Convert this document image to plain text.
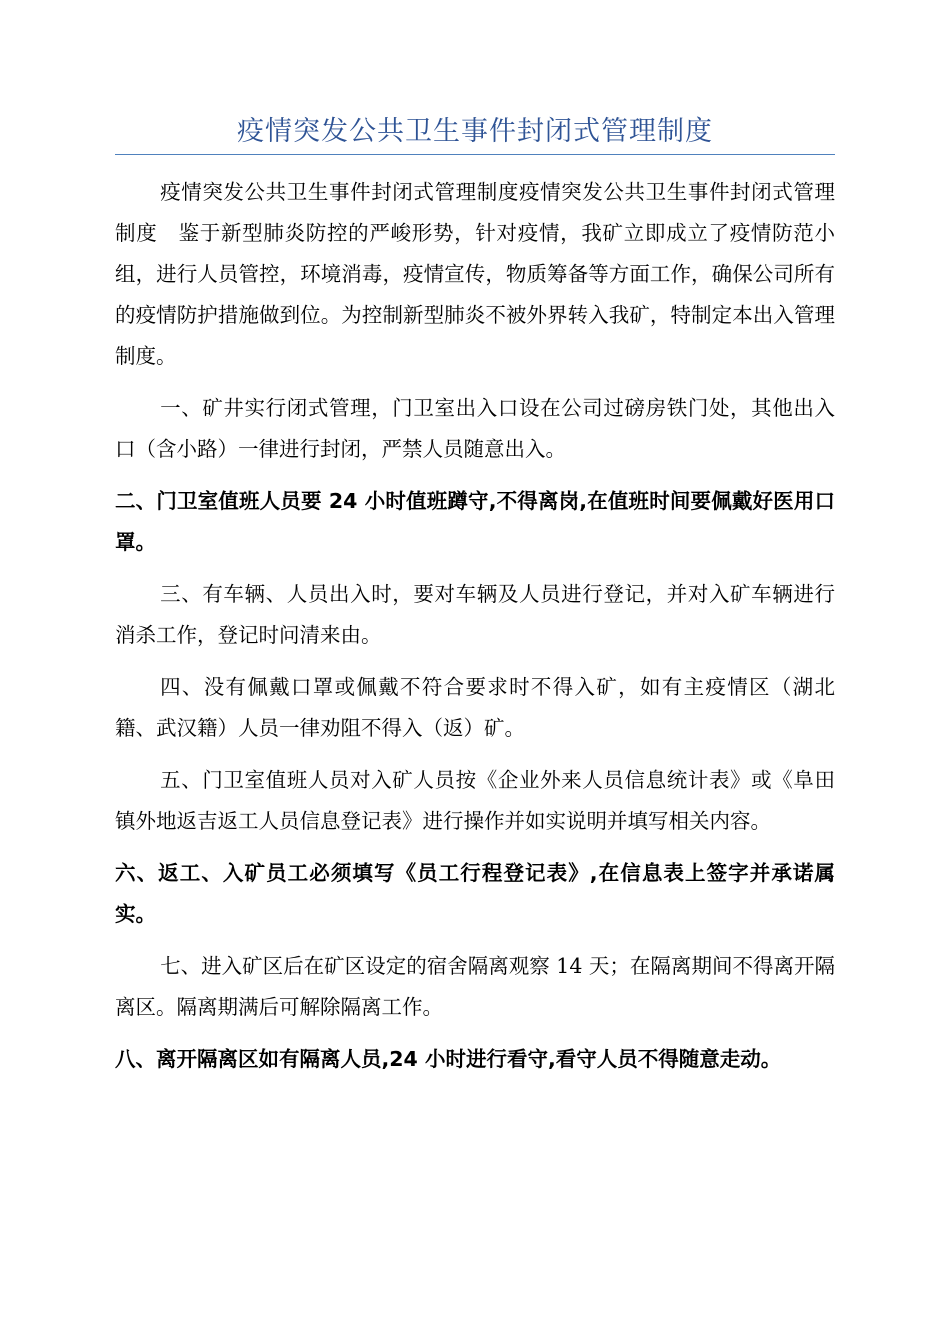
疫情突发公共卫生事件封闭式管理制度

疫情突发公共卫生事件封闭式管理制度疫情突发公共卫生事件封闭式管理制度　鉴于新型肺炎防控的严峻形势，针对疫情，我矿立即成立了疫情防范小组，进行人员管控，环境消毒，疫情宣传，物质筹备等方面工作，确保公司所有的疫情防护措施做到位。为控制新型肺炎不被外界转入我矿，特制定本出入管理制度。

一、矿井实行闭式管理，门卫室出入口设在公司过磅房铁门处，其他出入口（含小路）一律进行封闭，严禁人员随意出入。

二、门卫室值班人员要 24 小时值班蹲守,不得离岗,在值班时间要佩戴好医用口罩。

三、有车辆、人员出入时，要对车辆及人员进行登记，并对入矿车辆进行消杀工作，登记时问清来由。

四、没有佩戴口罩或佩戴不符合要求时不得入矿，如有主疫情区（湖北籍、武汉籍）人员一律劝阻不得入（返）矿。

五、门卫室值班人员对入矿人员按《企业外来人员信息统计表》或《阜田镇外地返吉返工人员信息登记表》进行操作并如实说明并填写相关内容。

六、返工、入矿员工必须填写《员工行程登记表》,在信息表上签字并承诺属实。

七、进入矿区后在矿区设定的宿舍隔离观察 14 天；在隔离期间不得离开隔离区。隔离期满后可解除隔离工作。

八、离开隔离区如有隔离人员,24 小时进行看守,看守人员不得随意走动。
